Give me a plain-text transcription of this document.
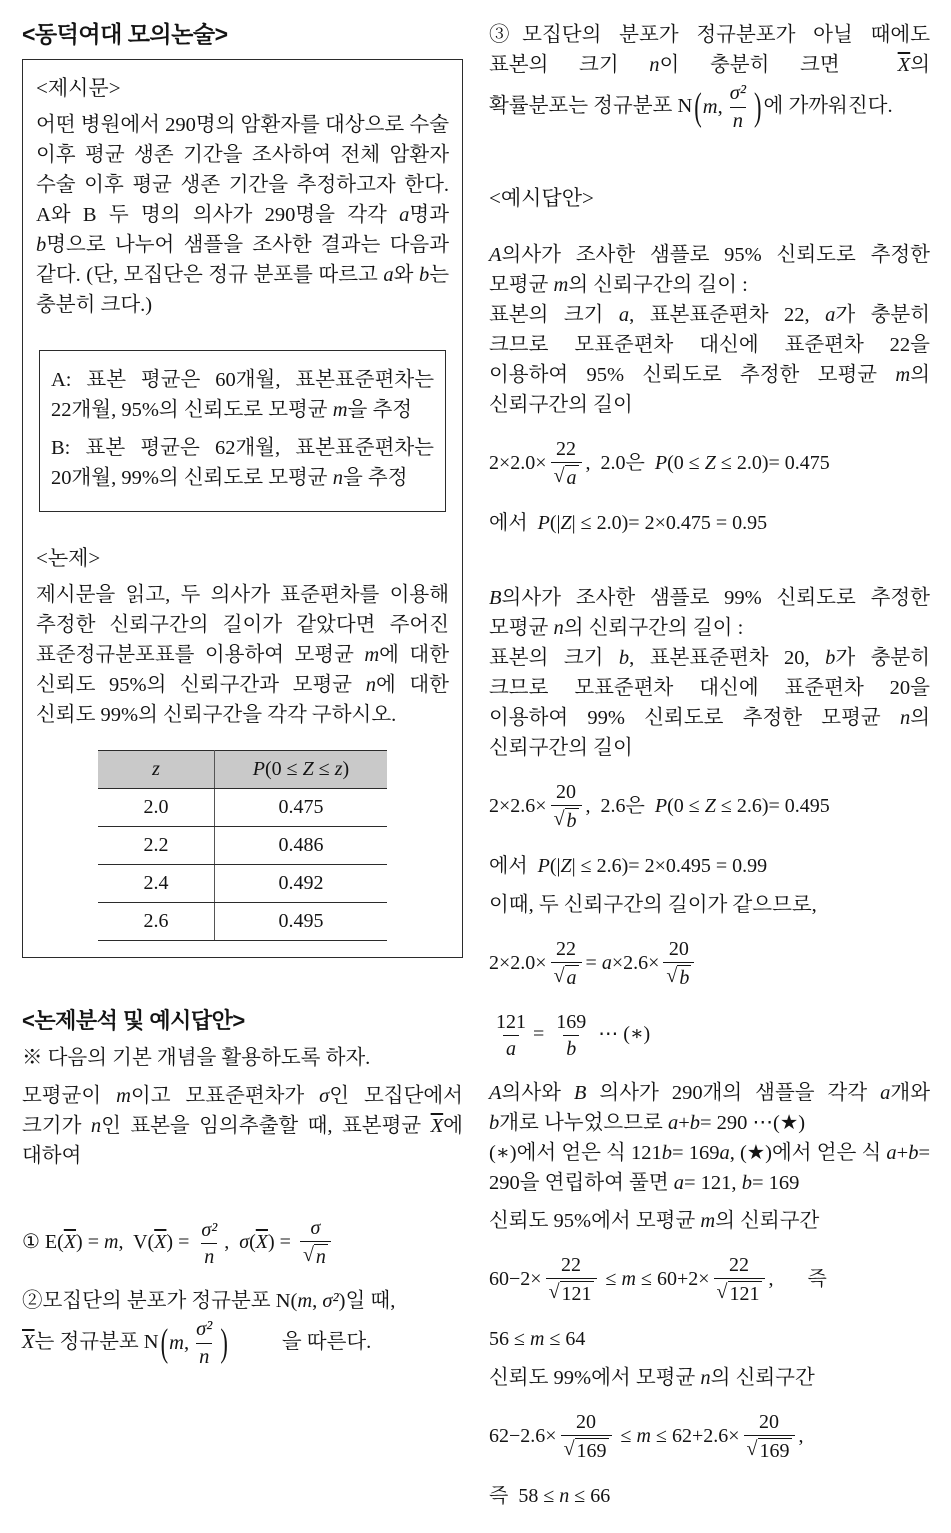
<동덕여대 모의논술>
<제시문>

어떤 병원에서 290명의 암환자를 대상으로 수술 이후 평균 생존 기간을 조사하여 전체 암환자 수술 이후 평균 생존 기간을 추정하고자 한다. A와 B 두 명의 의사가 290명을 각각 a명과 b명으로 나누어 샘플을 조사한 결과는 다음과 같다. (단, 모집단은 정규 분포를 따르고 a와 b는 충분히 크다.)

A: 표본 평균은 60개월, 표본표준편차는 22개월, 95%의 신뢰도로 모평균 m을 추정

B: 표본 평균은 62개월, 표본표준편차는 20개월, 99%의 신뢰도로 모평균 n을 추정

<논제>

제시문을 읽고, 두 의사가 표준편차를 이용해 추정한 신뢰구간의 길이가 같았다면 주어진 표준정규분포표를 이용하여 모평균 m에 대한 신뢰도 95%의 신뢰구간과 모평균 n에 대한 신뢰도 99%의 신뢰구간을 각각 구하시오.

z	P(0 ≤ Z ≤ z)
2.0	0.475
2.2	0.486
2.4	0.492
2.6	0.495
<논제분석 및 예시답안>

※ 다음의 기본 개념을 활용하도록 하자.

모평균이 m이고 모표준편차가 σ인 모집단에서 크기가 n인 표본을 임의추출할 때, 표본평균 $\overline{X}$에 대하여

① $E(\overline{X}) = m$,  $V(\overline{X}) = \frac{\text{σ²}}{n}$ ,  $\sigma(\overline{X}) = \frac{\sigma}{√ n}$

②모집단의 분포가 정규분포 N(m, σ²)일 때,
$\overline{X}$는 정규분포 N ( m , $\frac{\text{σ²}}{n}$ )	을 따른다.

③모집단의 분포가 정규분포가 아닐 때에도 표본의 크기 n이 충분히 크면	$\overline{X}$의 확률분포는 정규분포 N ( m , $\frac{\text{σ²}}{n}$ ) 에 가까워진다.

<예시답안>

A의사가 조사한 샘플로 95% 신뢰도로 추정한 모평균 m의 신뢰구간의 길이 :
표본의 크기 a, 표본표준편차 22, a가 충분히 크므로 모표준편차 대신에 표준편차 22을 이용하여 95% 신뢰도로 추정한 모평균 m의 신뢰구간의 길이

$2\times 2.0\times \frac{22}{√ a}$ ,  2.0은  P(0 ≤ Z ≤ 2.0)= 0.475
에서  P(|Z| ≤ 2.0)= 2×0.475 = 0.95

B의사가 조사한 샘플로 99% 신뢰도로 추정한 모평균 n의 신뢰구간의 길이 :
표본의 크기 b, 표본표준편차 20, b가 충분히 크므로 모표준편차 대신에 표준편차 20을 이용하여 99% 신뢰도로 추정한 모평균 n의 신뢰구간의 길이

$2\times 2.6\times \frac{20}{√ b}$ ,  2.6은  P(0 ≤ Z ≤ 2.6)= 0.495
에서  P(|Z| ≤ 2.6)= 2×0.495 = 0.99

이때, 두 신뢰구간의 길이가 같으므로,

$2\times 2.0\times \frac{22}{√ a} = a\times 2.6\times \frac{20}{√ b}$
$\frac{121}{a} = \frac{169}{b}$ ⋯ (∗)

A의사와 B 의사가 290개의 샘플을 각각 a개와 b개로 나누었으므로 a+b= 290 ⋯(★)
(∗)에서 얻은 식 121b= 169a, (★)에서 얻은 식 a+b= 290을 연립하여 풀면 a= 121, b= 169

신뢰도 95%에서 모평균 m의 신뢰구간

$60-2\times \frac{22}{√ 121} \le m \le 60+2\times \frac{22}{√ 121}$ , 즉
56 ≤ m ≤ 64

신뢰도 99%에서 모평균 n의 신뢰구간

$62-2.6\times \frac{20}{√ 169} \le m \le 62+2.6\times \frac{20}{√ 169}$ ,
즉  58 ≤ n ≤ 66
